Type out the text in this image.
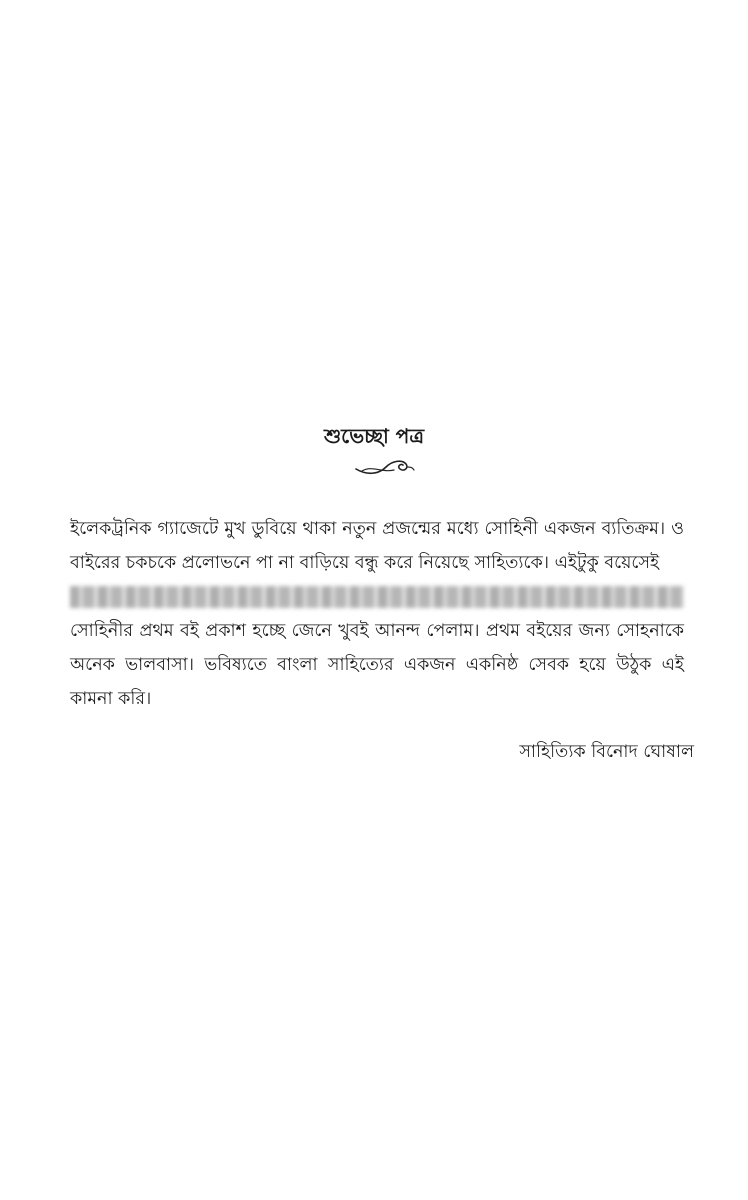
শুভেচ্ছা পত্র

ইলেকট্রনিক গ্যাজেটে মুখ ডুবিয়ে থাকা নতুন প্রজন্মের মধ্যে সোহিনী একজন ব্যতিক্রম। ও বাইরের চকচকে প্রলোভনে পা না বাড়িয়ে বন্ধু করে নিয়েছে সাহিত্যকে। এইটুকু বয়েসেই

সোহিনীর প্রথম বই প্রকাশ হচ্ছে জেনে খুবই আনন্দ পেলাম। প্রথম বইয়ের জন্য সোহনাকে অনেক ভালবাসা। ভবিষ্যতে বাংলা সাহিত্যের একজন একনিষ্ঠ সেবক হয়ে উঠুক এই কামনা করি।

সাহিত্যিক বিনোদ ঘোষাল
